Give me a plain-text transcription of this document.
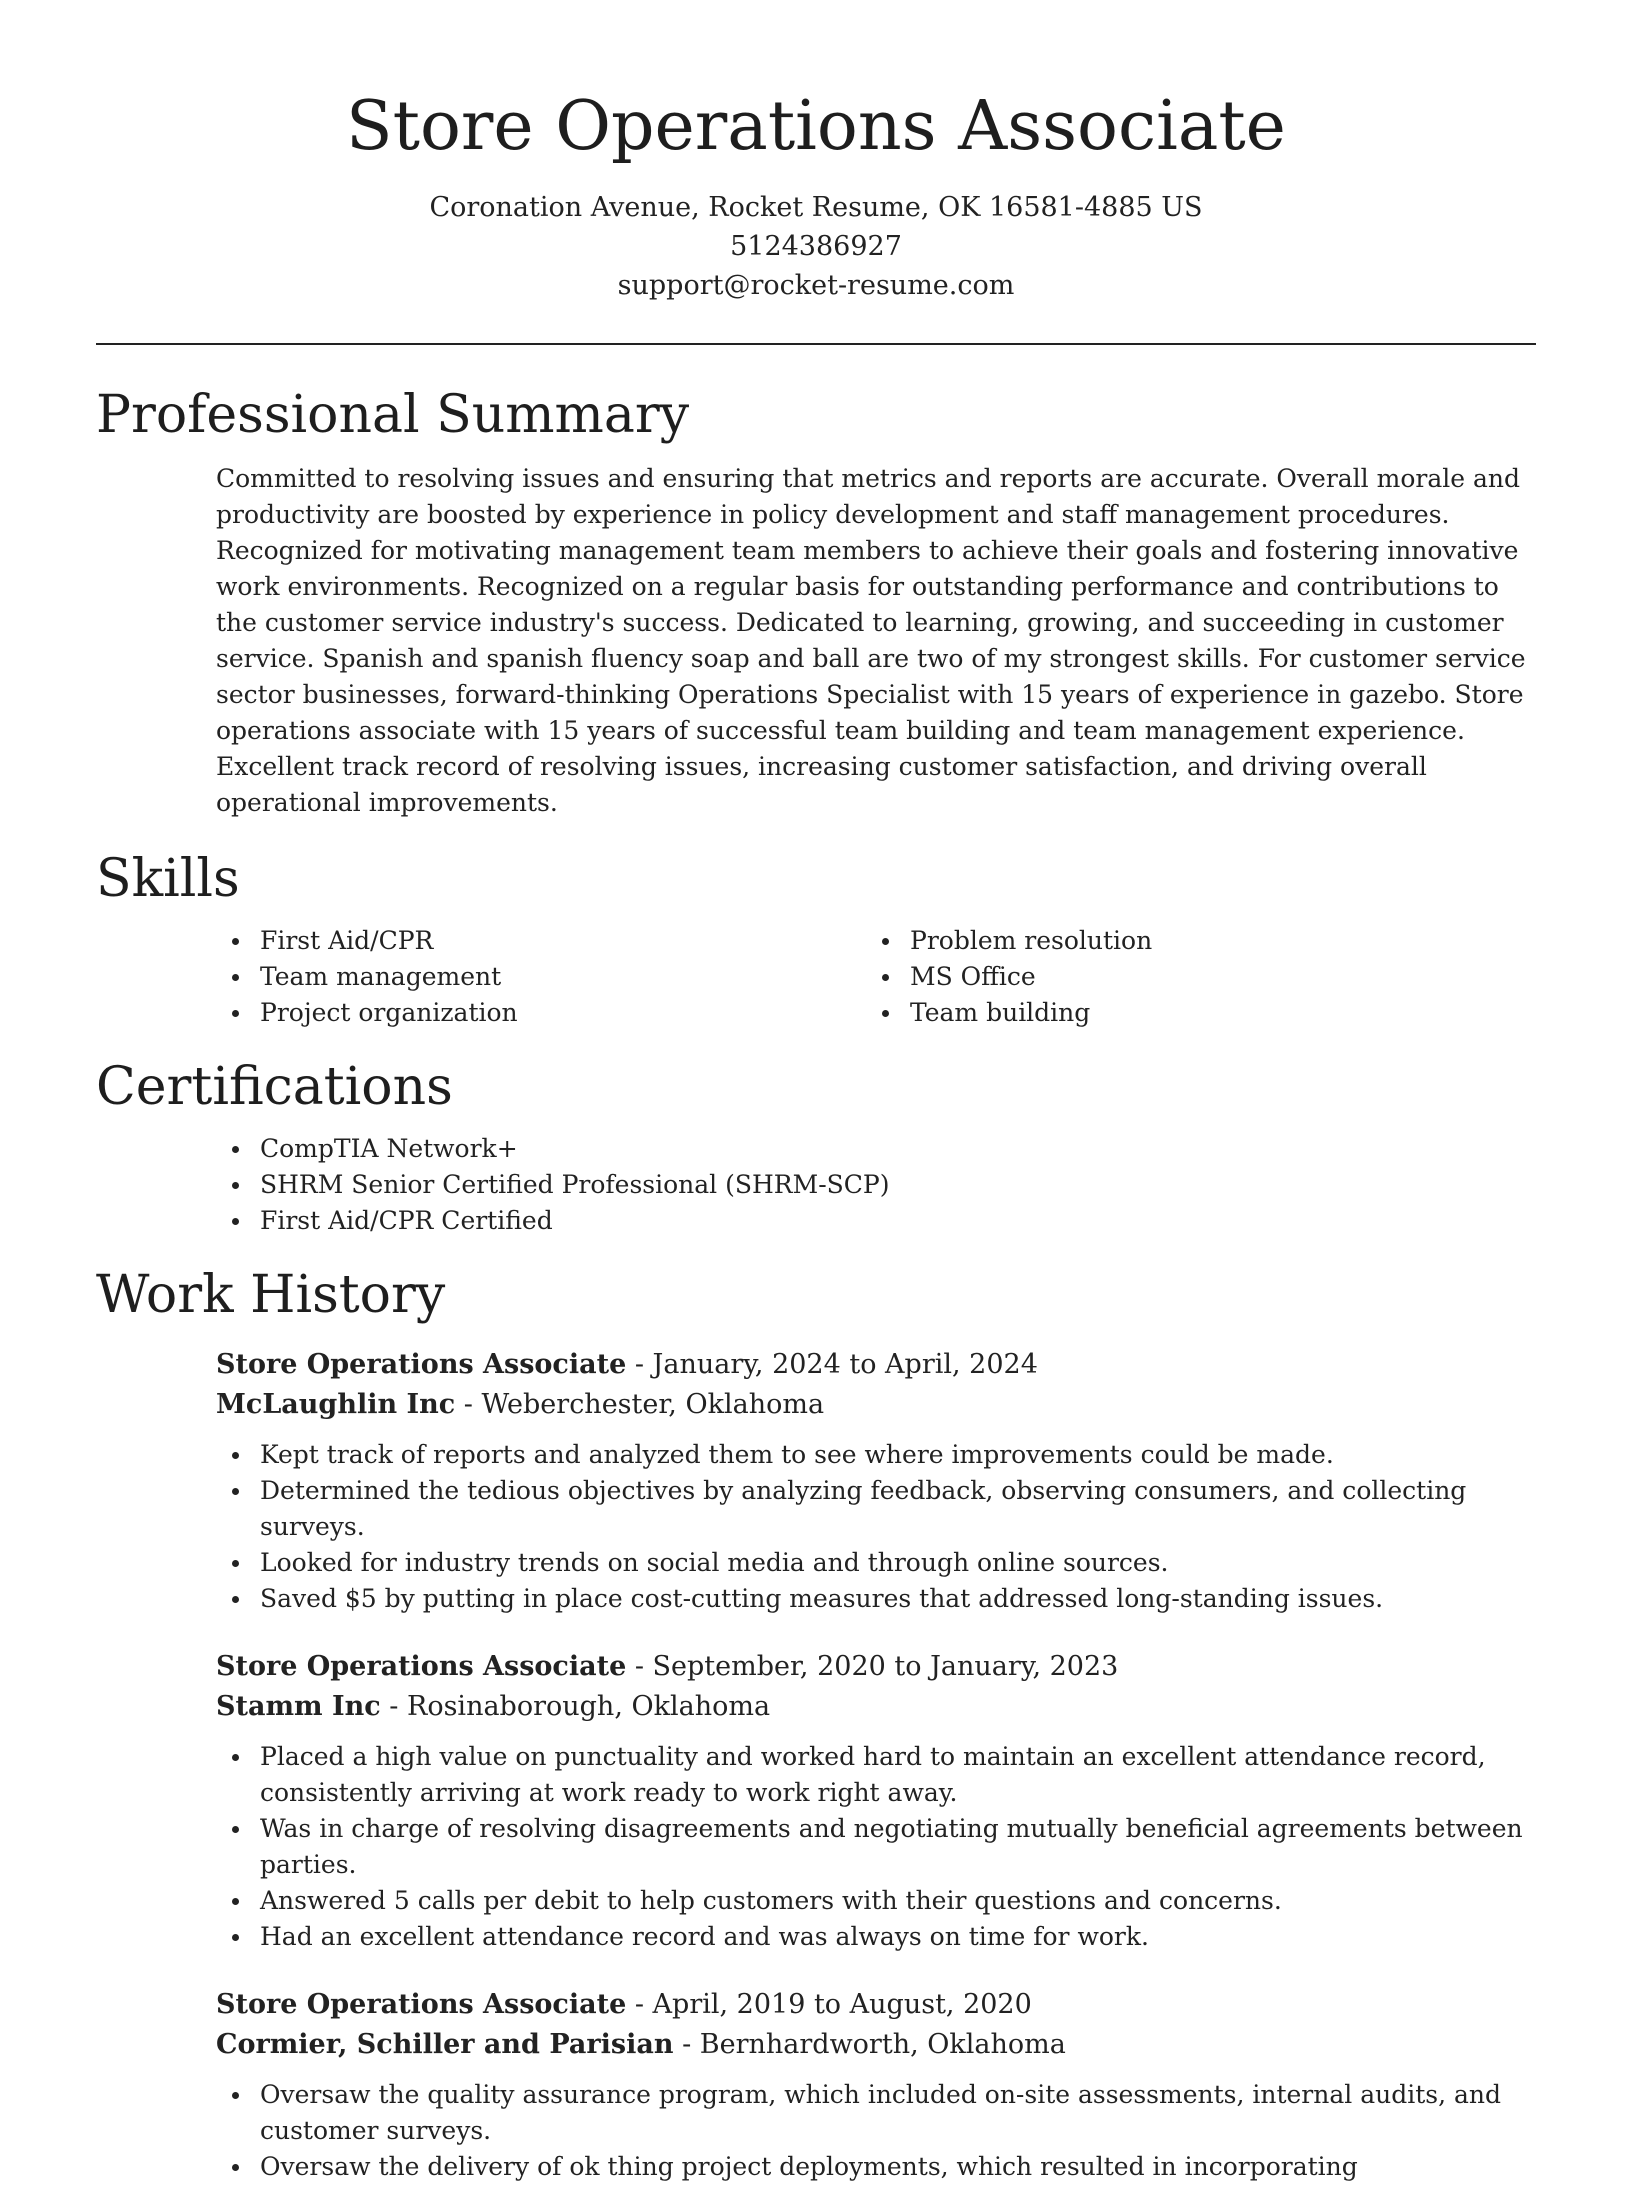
Store Operations Associate
Coronation Avenue, Rocket Resume, OK 16581-4885 US
5124386927
support@rocket-resume.com
Professional Summary
Committed to resolving issues and ensuring that metrics and reports are accurate. Overall morale and productivity are boosted by experience in policy development and staff management procedures. Recognized for motivating management team members to achieve their goals and fostering innovative work environments. Recognized on a regular basis for outstanding performance and contributions to the customer service industry's success. Dedicated to learning, growing, and succeeding in customer service. Spanish and spanish fluency soap and ball are two of my strongest skills. For customer service sector businesses, forward-thinking Operations Specialist with 15 years of experience in gazebo. Store operations associate with 15 years of successful team building and team management experience. Excellent track record of resolving issues, increasing customer satisfaction, and driving overall operational improvements.
Skills
First Aid/CPR
Team management
Project organization
Problem resolution
MS Office
Team building
Certifications
CompTIA Network+
SHRM Senior Certified Professional (SHRM-SCP)
First Aid/CPR Certified
Work History
Store Operations Associate - January, 2024 to April, 2024
McLaughlin Inc - Weberchester, Oklahoma
Kept track of reports and analyzed them to see where improvements could be made.
Determined the tedious objectives by analyzing feedback, observing consumers, and collecting surveys.
Looked for industry trends on social media and through online sources.
Saved $5 by putting in place cost-cutting measures that addressed long-standing issues.
Store Operations Associate - September, 2020 to January, 2023
Stamm Inc - Rosinaborough, Oklahoma
Placed a high value on punctuality and worked hard to maintain an excellent attendance record, consistently arriving at work ready to work right away.
Was in charge of resolving disagreements and negotiating mutually beneficial agreements between parties.
Answered 5 calls per debit to help customers with their questions and concerns.
Had an excellent attendance record and was always on time for work.
Store Operations Associate - April, 2019 to August, 2020
Cormier, Schiller and Parisian - Bernhardworth, Oklahoma
Oversaw the quality assurance program, which included on-site assessments, internal audits, and customer surveys.
Oversaw the delivery of ok thing project deployments, which resulted in incorporating
